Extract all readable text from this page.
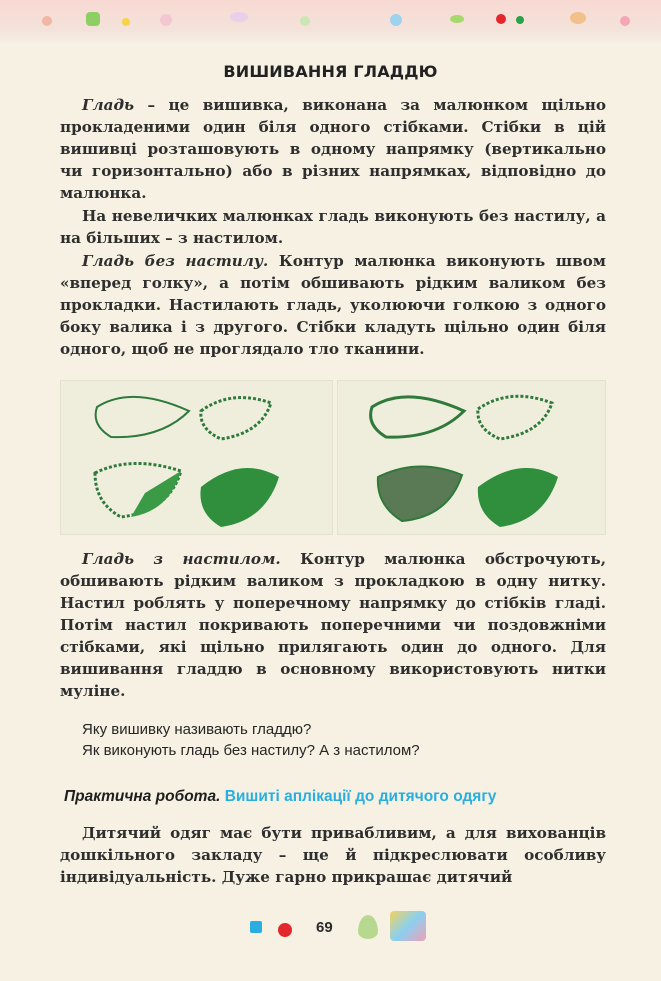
ВИШИВАННЯ ГЛАДДЮ
Гладь – це вишивка, виконана за малюнком щільно прокладеними один біля одного стібками. Стібки в цій вишивці розташовують в одному напрямку (вертикально чи горизонтально) або в різних напрямках, відповідно до малюнка.
На невеличких малюнках гладь виконують без настилу, а на більших – з настилом.
Гладь без настилу. Контур малюнка виконують швом «вперед голку», а потім обшивають рідким валиком без прокладки. Настилають гладь, уколюючи голкою з одного боку валика і з другого. Стібки кладуть щільно один біля одного, щоб не проглядало тло тканини.
Гладь з настилом. Контур малюнка обстрочують, обшивають рідким валиком з прокладкою в одну нитку. Настил роблять у поперечному напрямку до стібків гладі. Потім настил покривають поперечними чи поздовжніми стібками, які щільно прилягають один до одного. Для вишивання гладдю в основному використовують нитки муліне.
Яку вишивку називають гладдю?
Як виконують гладь без настилу? А з настилом?
Практична робота. Вишиті аплікації до дитячого одягу
Дитячий одяг має бути привабливим, а для вихованців дошкільного закладу – ще й підкреслювати особливу індивідуальність. Дуже гарно прикрашає дитячий
69
